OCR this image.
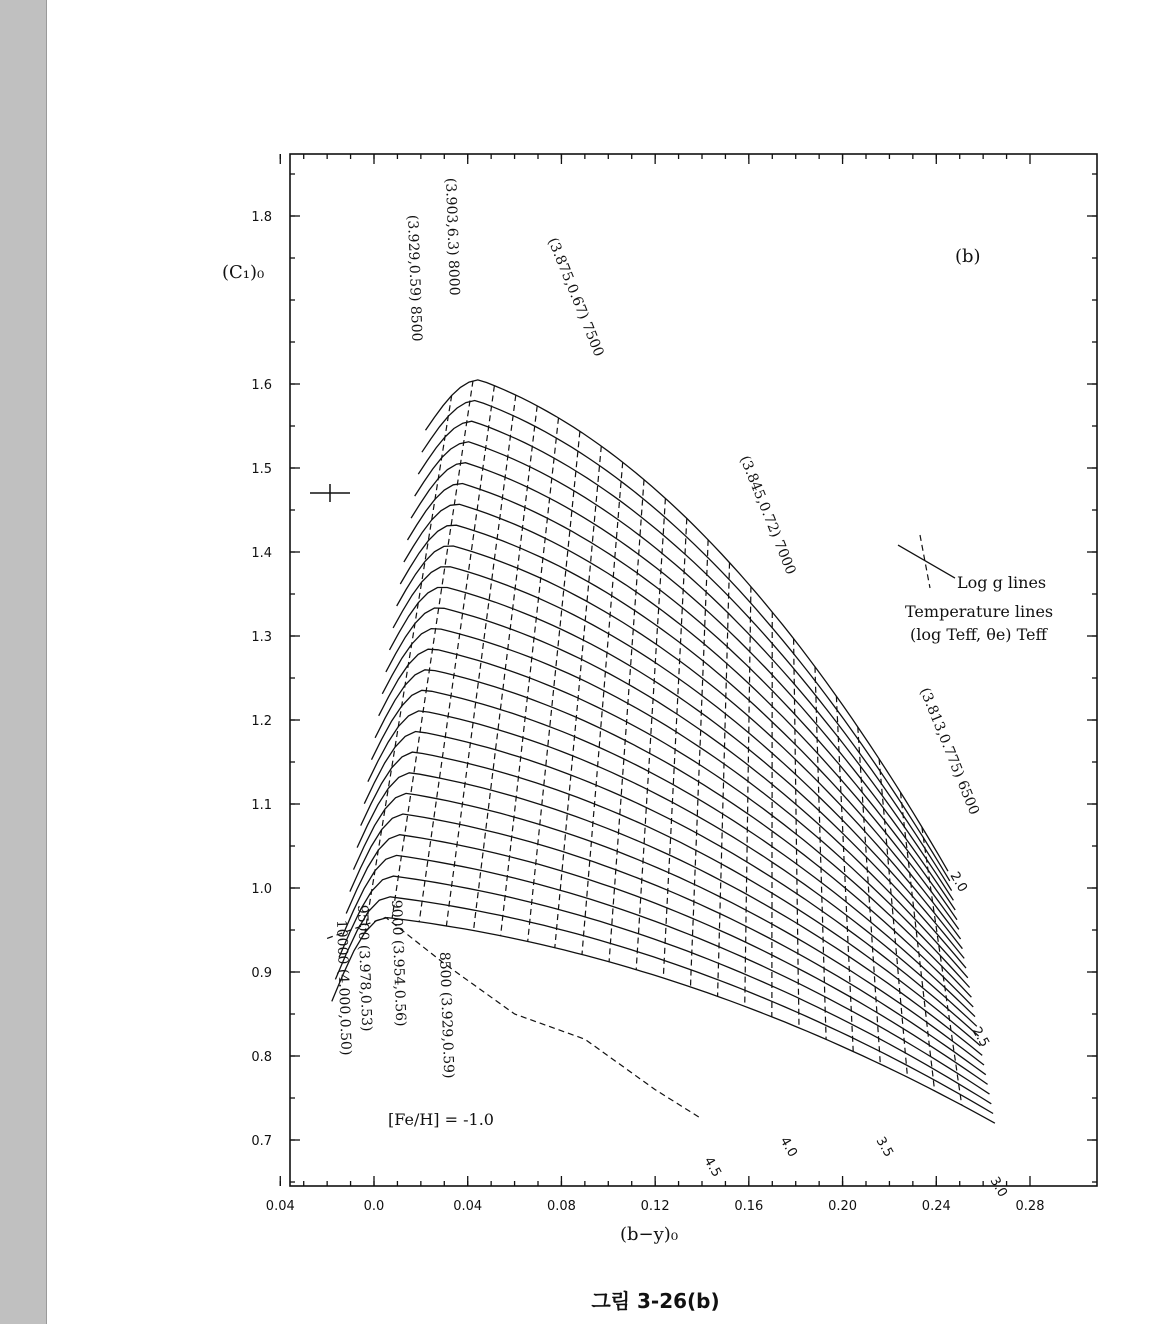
0.7
0.8
0.9
1.0
1.1
1.2
1.3
1.4
1.5
1.6
1.8
0.04	0.0	0.04	0.08	0.12	0.16	0.20	0.24	0.28
2.0
2.5
3.0
3.5
4.0
4.5
(3.903,6.3) 8000
(3.929,0.59) 8500	(3.875,0.67) 7500
(3.845,0.72) 7000
(3.813,0.775) 6500
10000 (4.000,0.50) 9500 (3.978,0.53) 9000 (3.954,0.56) 8500 (3.929,0.59)
(C₁)₀
(b−y)₀
(b)
[Fe/H] = -1.0
Log g lines
Temperature lines
(log Teff, θe) Teff
그림 3-26(b)
